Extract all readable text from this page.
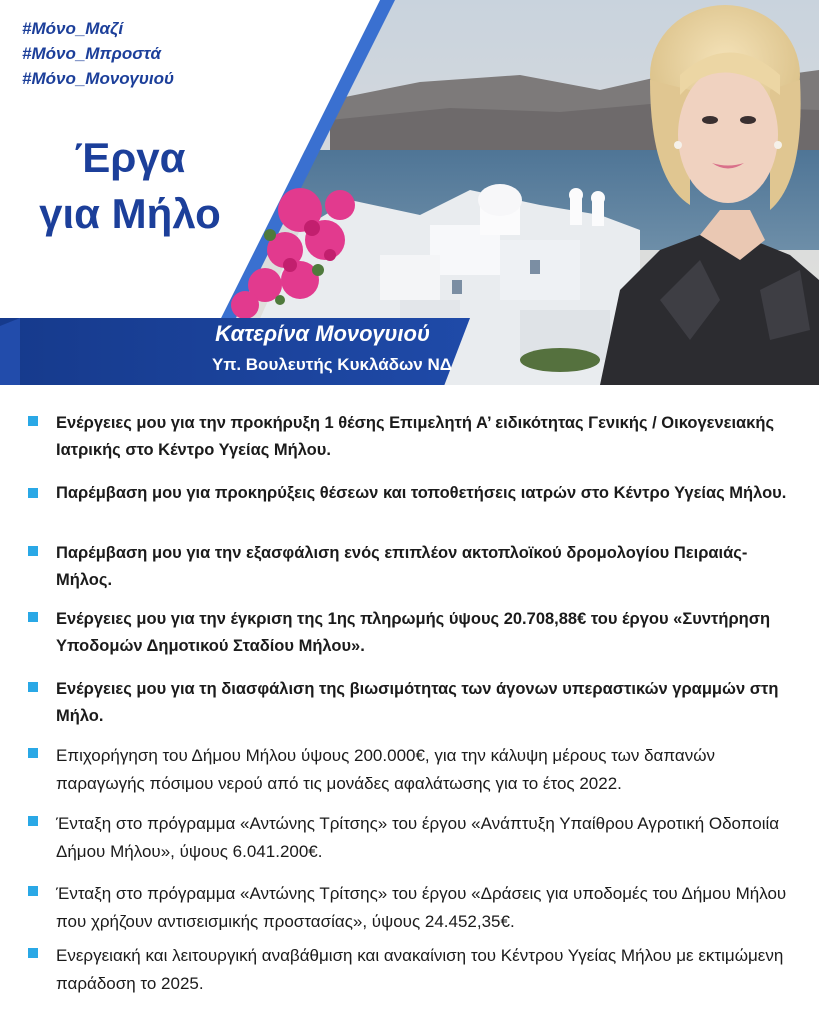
#Μόνο_Μαζί
#Μόνο_Μπροστά
#Μόνο_Μονογυιού
Έργα
για Μήλο
Κατερίνα Μονογυιού
Υπ. Βουλευτής Κυκλάδων ΝΔ
Ενέργειες μου για την προκήρυξη 1 θέσης Επιμελητή Α’ ειδικότητας Γενικής / Οικογενειακής Ιατρικής στο Κέντρο Υγείας Μήλου.
Παρέμβαση μου για προκηρύξεις θέσεων και τοποθετήσεις ιατρών στο Κέντρο Υγείας Μήλου.
Παρέμβαση μου για την εξασφάλιση ενός επιπλέον ακτοπλοϊκού δρομολογίου Πειραιάς-Μήλος.
Ενέργειες μου για την έγκριση της 1ης πληρωμής ύψους 20.708,88€ του έργου «Συντήρηση Υποδομών Δημοτικού Σταδίου Μήλου».
Ενέργειες μου για τη διασφάλιση της βιωσιμότητας των άγονων υπεραστικών γραμμών στη Μήλο.
Επιχορήγηση του Δήμου Μήλου ύψους 200.000€, για την κάλυψη μέρους των δαπανών παραγωγής πόσιμου νερού από τις μονάδες αφαλάτωσης για το έτος 2022.
Ένταξη στο πρόγραμμα «Αντώνης Τρίτσης» του έργου «Ανάπτυξη Υπαίθρου Αγροτική Οδοποιία Δήμου Μήλου», ύψους 6.041.200€.
Ένταξη στο πρόγραμμα «Αντώνης Τρίτσης» του έργου «Δράσεις για υποδομές του Δήμου Μήλου που χρήζουν αντισεισμικής προστασίας», ύψους 24.452,35€.
Ενεργειακή και λειτουργική αναβάθμιση και ανακαίνιση του Κέντρου Υγείας Μήλου με εκτιμώμενη παράδοση το 2025.
